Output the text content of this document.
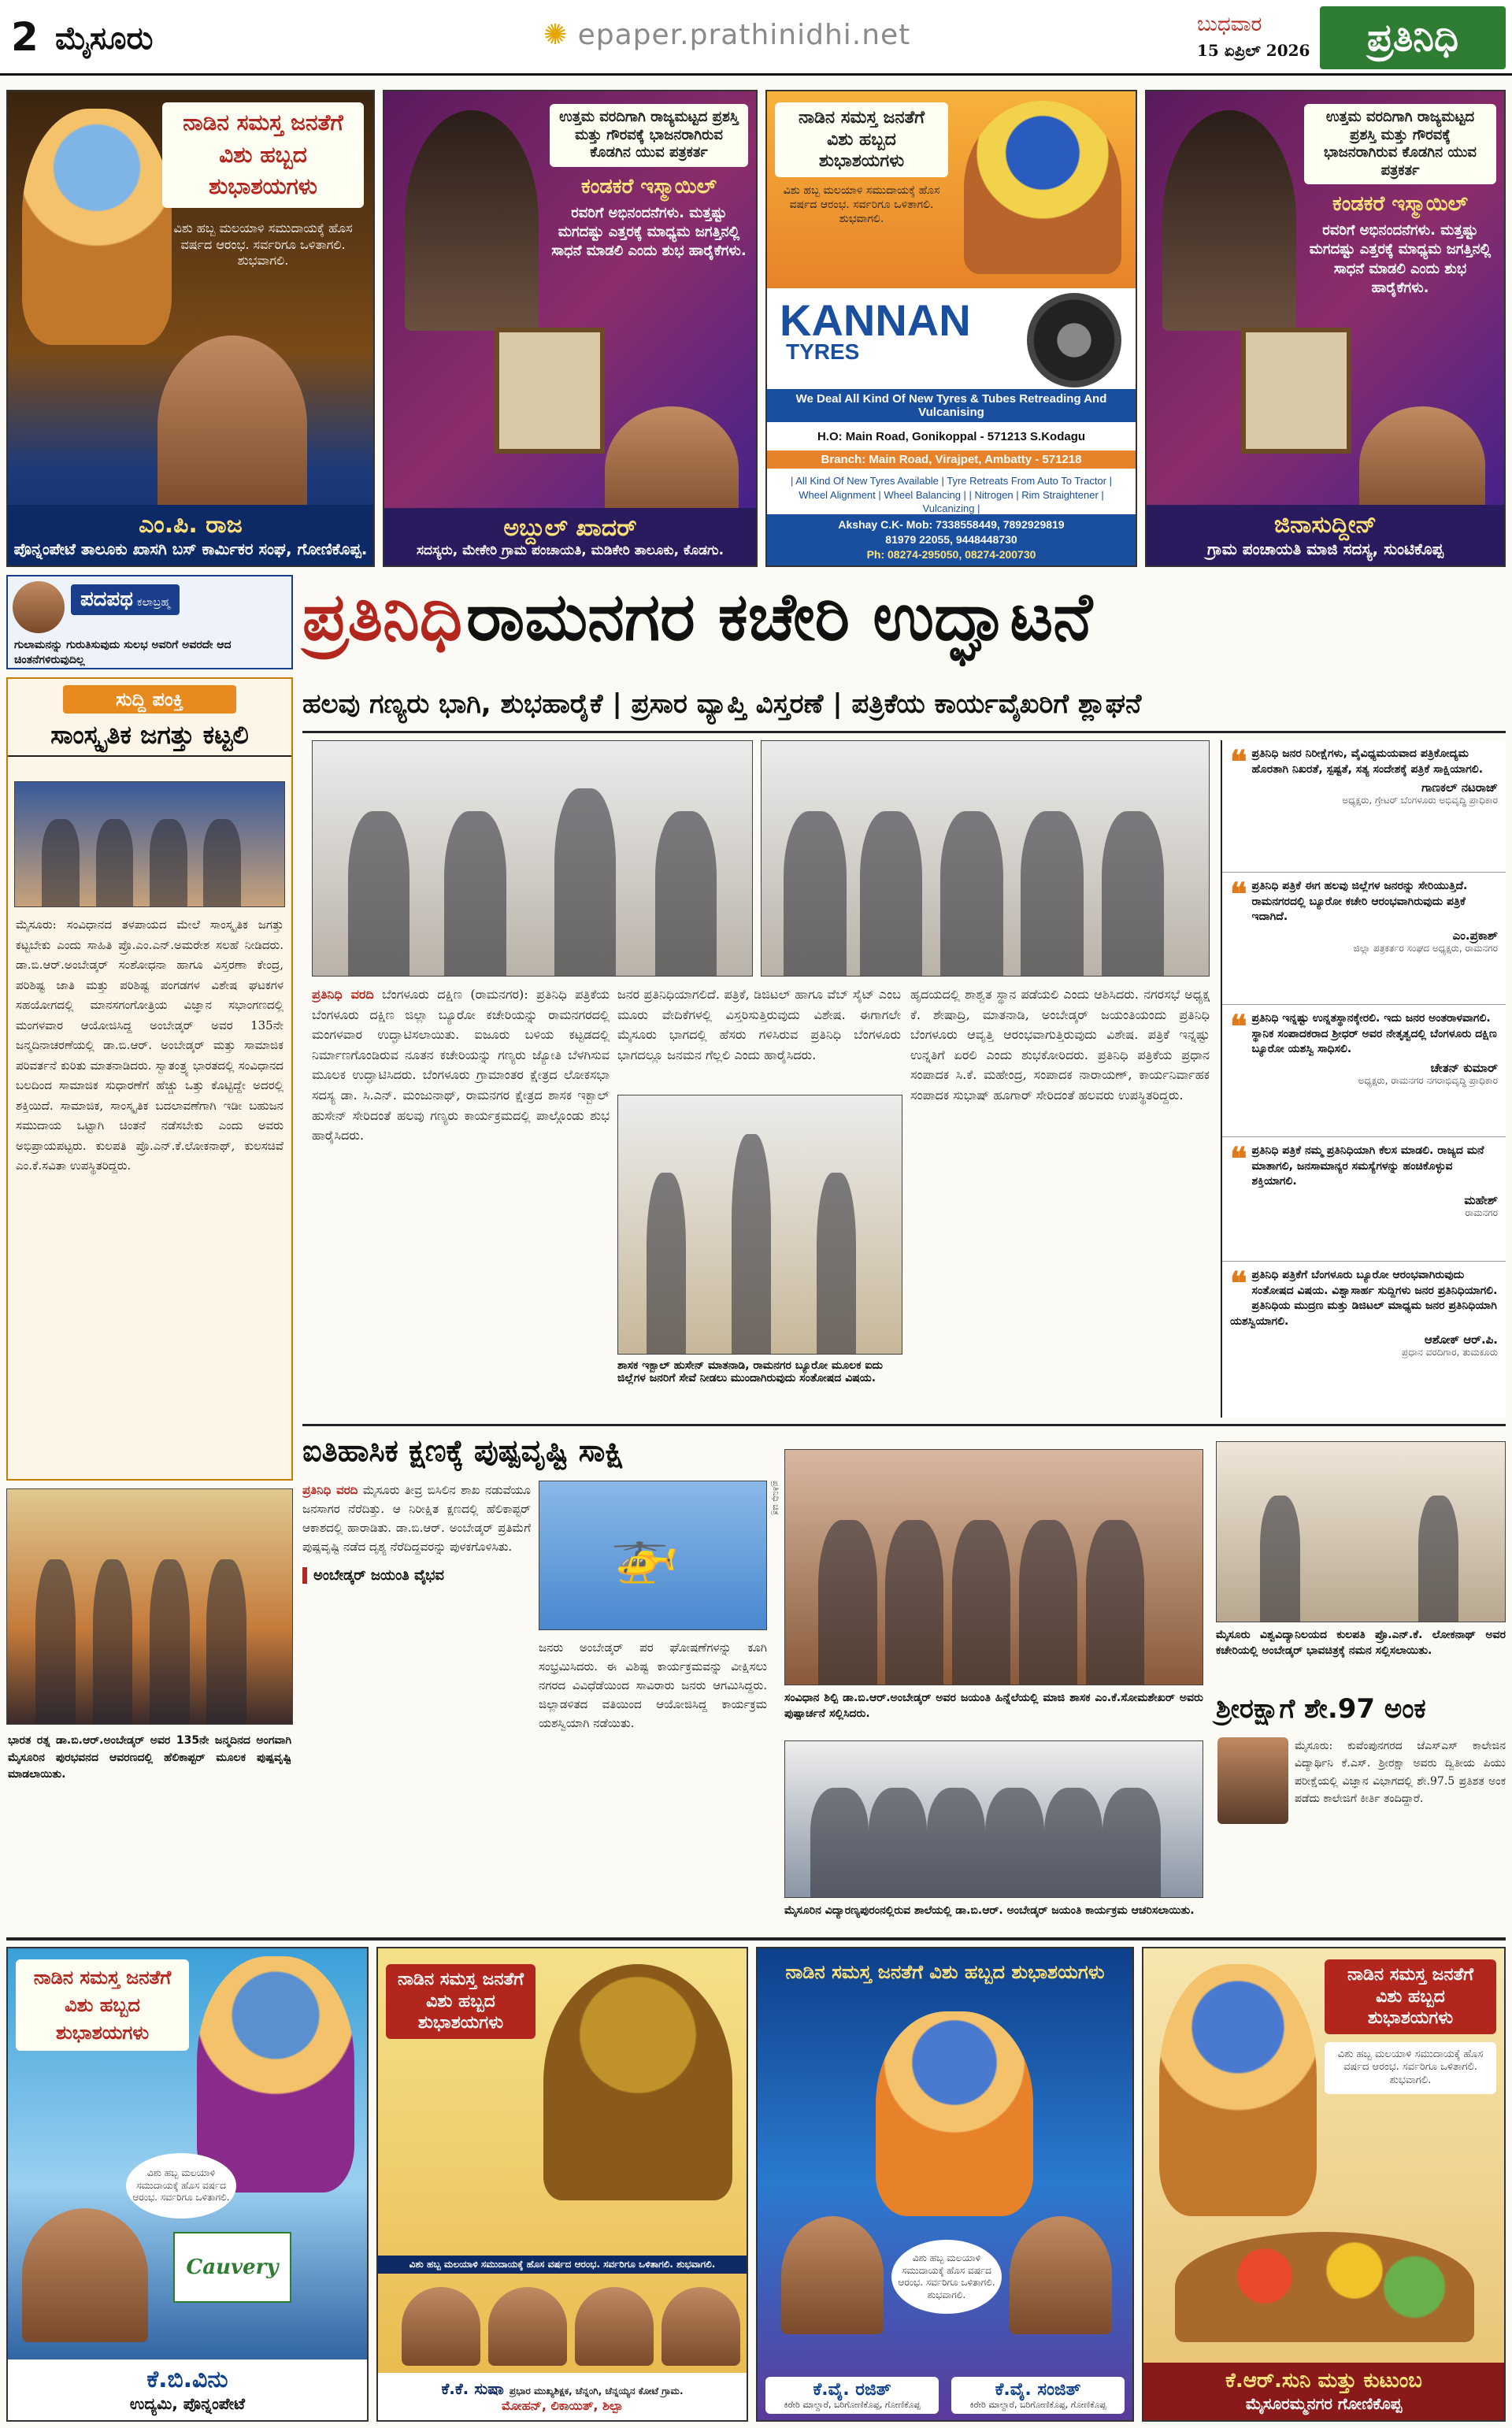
2 ಮೈಸೂರು	✺ epaper.prathinidhi.net	ಬುಧವಾರ
15 ಏಪ್ರಿಲ್ 2026	ಪ್ರತಿನಿಧಿ
ನಾಡಿನ ಸಮಸ್ತ ಜನತೆಗೆ ವಿಶು ಹಬ್ಬದ ಶುಭಾಶಯಗಳು
ವಿಶು ಹಬ್ಬ ಮಲಯಾಳಿ ಸಮುದಾಯಕ್ಕೆ ಹೊಸ ವರ್ಷದ ಆರಂಭ. ಸರ್ವರಿಗೂ ಒಳಿತಾಗಲಿ. ಶುಭವಾಗಲಿ.
ಎಂ.ಪಿ. ರಾಜ
ಪೊನ್ನಂಪೇಟೆ ತಾಲೂಕು ಖಾಸಗಿ ಬಸ್ ಕಾರ್ಮಿಕರ ಸಂಘ, ಗೋಣಿಕೊಪ್ಪ.
ಉತ್ತಮ ವರದಿಗಾಗಿ ರಾಜ್ಯಮಟ್ಟದ ಪ್ರಶಸ್ತಿ ಮತ್ತು ಗೌರವಕ್ಕೆ ಭಾಜನರಾಗಿರುವ ಕೊಡಗಿನ ಯುವ ಪತ್ರಕರ್ತ
ಕಂಡಕರೆ ಇಸ್ಮಾಯಿಲ್
ರವರಿಗೆ ಅಭಿನಂದನೆಗಳು. ಮತ್ತಷ್ಟು ಮಗದಷ್ಟು ಎತ್ತರಕ್ಕೆ ಮಾಧ್ಯಮ ಜಗತ್ತಿನಲ್ಲಿ ಸಾಧನೆ ಮಾಡಲಿ ಎಂದು ಶುಭ ಹಾರೈಕೆಗಳು.
ಅಬ್ದುಲ್ ಖಾದರ್
ಸದಸ್ಯರು, ಮೇಕೇರಿ ಗ್ರಾಮ ಪಂಚಾಯತಿ, ಮಡಿಕೇರಿ ತಾಲೂಕು, ಕೊಡಗು.
ನಾಡಿನ ಸಮಸ್ತ ಜನತೆಗೆ ವಿಶು ಹಬ್ಬದ ಶುಭಾಶಯಗಳು
ವಿಶು ಹಬ್ಬ ಮಲಯಾಳಿ ಸಮುದಾಯಕ್ಕೆ ಹೊಸ ವರ್ಷದ ಆರಂಭ. ಸರ್ವರಿಗೂ ಒಳಿತಾಗಲಿ. ಶುಭವಾಗಲಿ.
KANNAN
TYRES
We Deal All Kind Of New Tyres & Tubes Retreading And Vulcanising
H.O: Main Road, Gonikoppal - 571213 S.Kodagu
Branch: Main Road, Virajpet, Ambatty - 571218
| All Kind Of New Tyres Available | Tyre Retreats From Auto To Tractor | Wheel Alignment | Wheel Balancing | | Nitrogen | Rim Straightener | Vulcanizing |
Akshay C.K- Mob: 7338558449, 7892929819
81979 22055, 9448448730
Ph: 08274-295050, 08274-200730
ಉತ್ತಮ ವರದಿಗಾಗಿ ರಾಜ್ಯಮಟ್ಟದ ಪ್ರಶಸ್ತಿ ಮತ್ತು ಗೌರವಕ್ಕೆ ಭಾಜನರಾಗಿರುವ ಕೊಡಗಿನ ಯುವ ಪತ್ರಕರ್ತ
ಕಂಡಕರೆ ಇಸ್ಮಾಯಿಲ್
ರವರಿಗೆ ಅಭಿನಂದನೆಗಳು. ಮತ್ತಷ್ಟು ಮಗದಷ್ಟು ಎತ್ತರಕ್ಕೆ ಮಾಧ್ಯಮ ಜಗತ್ತಿನಲ್ಲಿ ಸಾಧನೆ ಮಾಡಲಿ ಎಂದು ಶುಭ ಹಾರೈಕೆಗಳು.
ಜಿನಾಸುದ್ದೀನ್
ಗ್ರಾಮ ಪಂಚಾಯತಿ ಮಾಜಿ ಸದಸ್ಯ, ಸುಂಟಿಕೊಪ್ಪ
ಪದಪಥ ಕಲಾಬ್ರಹ್ಮ
ಗುಲಾಮನನ್ನು ಗುರುತಿಸುವುದು ಸುಲಭ ಅವರಿಗೆ ಅವರದೇ ಆದ ಚಿಂತನೆಗಳಿರುವುದಿಲ್ಲ
ಸುದ್ದಿ ಪಂಕ್ತಿ
ಸಾಂಸ್ಕೃತಿಕ ಜಗತ್ತು ಕಟ್ಟಲಿ
ಮೈಸೂರು: ಸಂವಿಧಾನದ ತಳಪಾಯದ ಮೇಲೆ ಸಾಂಸ್ಕೃತಿಕ ಜಗತ್ತು ಕಟ್ಟಬೇಕು ಎಂದು ಸಾಹಿತಿ ಪ್ರೊ.ಎಂ.ಎನ್.ಅಮರೇಶ ಸಲಹೆ ನೀಡಿದರು. ಡಾ.ಬಿ.ಆರ್.ಅಂಬೇಡ್ಕರ್ ಸಂಶೋಧನಾ ಹಾಗೂ ವಿಸ್ತರಣಾ ಕೇಂದ್ರ, ಪರಿಶಿಷ್ಟ ಜಾತಿ ಮತ್ತು ಪರಿಶಿಷ್ಟ ಪಂಗಡಗಳ ವಿಶೇಷ ಘಟಕಗಳ ಸಹಯೋಗದಲ್ಲಿ ಮಾನಸಗಂಗೋತ್ರಿಯ ವಿಜ್ಞಾನ ಸಭಾಂಗಣದಲ್ಲಿ ಮಂಗಳವಾರ ಆಯೋಜಿಸಿದ್ದ ಅಂಬೇಡ್ಕರ್ ಅವರ 135ನೇ ಜನ್ಮದಿನಾಚರಣೆಯಲ್ಲಿ ಡಾ.ಬಿ.ಆರ್. ಅಂಬೇಡ್ಕರ್ ಮತ್ತು ಸಾಮಾಜಿಕ ಪರಿವರ್ತನೆ ಕುರಿತು ಮಾತನಾಡಿದರು. ಸ್ವಾತಂತ್ರ್ಯ ಭಾರತದಲ್ಲಿ ಸಂವಿಧಾನದ ಬಲದಿಂದ ಸಾಮಾಜಿಕ ಸುಧಾರಣೆಗೆ ಹೆಚ್ಚು ಒತ್ತು ಕೊಟ್ಟಿದ್ದೇ ಅದರಲ್ಲಿ ಶಕ್ತಿಯಿದೆ. ಸಾಮಾಜಿಕ, ಸಾಂಸ್ಕೃತಿಕ ಬದಲಾವಣೆಗಾಗಿ ಇಡೀ ಬಹುಜನ ಸಮುದಾಯ ಒಟ್ಟಾಗಿ ಚಿಂತನೆ ನಡೆಸಬೇಕು ಎಂದು ಅವರು ಅಭಿಪ್ರಾಯಪಟ್ಟರು. ಕುಲಪತಿ ಪ್ರೊ.ಎನ್.ಕೆ.ಲೋಕನಾಥ್, ಕುಲಸಚಿವೆ ಎಂ.ಕೆ.ಸವಿತಾ ಉಪಸ್ಥಿತರಿದ್ದರು.
ಪ್ರತಿನಿಧಿ ರಾಮನಗರ ಕಚೇರಿ ಉದ್ಘಾಟನೆ
ಹಲವು ಗಣ್ಯರು ಭಾಗಿ, ಶುಭಹಾರೈಕೆ | ಪ್ರಸಾರ ವ್ಯಾಪ್ತಿ ವಿಸ್ತರಣೆ | ಪತ್ರಿಕೆಯ ಕಾರ್ಯವೈಖರಿಗೆ ಶ್ಲಾಘನೆ
ಪ್ರತಿನಿಧಿ ವರದಿ ಬೆಂಗಳೂರು ದಕ್ಷಿಣ (ರಾಮನಗರ): ಪ್ರತಿನಿಧಿ ಪತ್ರಿಕೆಯ ಬೆಂಗಳೂರು ದಕ್ಷಿಣ ಜಿಲ್ಲಾ ಬ್ಯೂರೋ ಕಚೇರಿಯನ್ನು ರಾಮನಗರದಲ್ಲಿ ಮಂಗಳವಾರ ಉದ್ಘಾಟಿಸಲಾಯಿತು. ಐಜೂರು ಬಳಿಯ ಕಟ್ಟಡದಲ್ಲಿ ನಿರ್ಮಾಣಗೊಂಡಿರುವ ನೂತನ ಕಚೇರಿಯನ್ನು ಗಣ್ಯರು ಜ್ಯೋತಿ ಬೆಳಗಿಸುವ ಮೂಲಕ ಉದ್ಘಾಟಿಸಿದರು. ಬೆಂಗಳೂರು ಗ್ರಾಮಾಂತರ ಕ್ಷೇತ್ರದ ಲೋಕಸಭಾ ಸದಸ್ಯ ಡಾ. ಸಿ.ಎನ್. ಮಂಜುನಾಥ್, ರಾಮನಗರ ಕ್ಷೇತ್ರದ ಶಾಸಕ ಇಕ್ಬಾಲ್ ಹುಸೇನ್ ಸೇರಿದಂತೆ ಹಲವು ಗಣ್ಯರು ಕಾರ್ಯಕ್ರಮದಲ್ಲಿ ಪಾಲ್ಗೊಂಡು ಶುಭ ಹಾರೈಸಿದರು.
ಜನರ ಪ್ರತಿನಿಧಿಯಾಗಲಿದೆ. ಪತ್ರಿಕೆ, ಡಿಜಿಟಲ್ ಹಾಗೂ ವೆಬ್ ಸೈಟ್ ಎಂಬ ಮೂರು ವೇದಿಕೆಗಳಲ್ಲಿ ವಿಸ್ತರಿಸುತ್ತಿರುವುದು ವಿಶೇಷ. ಈಗಾಗಲೇ ಮೈಸೂರು ಭಾಗದಲ್ಲಿ ಹೆಸರು ಗಳಿಸಿರುವ ಪ್ರತಿನಿಧಿ ಬೆಂಗಳೂರು ಭಾಗದಲ್ಲೂ ಜನಮನ ಗೆಲ್ಲಲಿ ಎಂದು ಹಾರೈಸಿದರು.
ಶಾಸಕ ಇಕ್ಬಾಲ್ ಹುಸೇನ್ ಮಾತನಾಡಿ, ರಾಮನಗರ ಬ್ಯೂರೋ ಮೂಲಕ ಐದು ಜಿಲ್ಲೆಗಳ ಜನರಿಗೆ ಸೇವೆ ನೀಡಲು ಮುಂದಾಗಿರುವುದು ಸಂತೋಷದ ವಿಷಯ.
ಹೃದಯದಲ್ಲಿ ಶಾಶ್ವತ ಸ್ಥಾನ ಪಡೆಯಲಿ ಎಂದು ಆಶಿಸಿದರು. ನಗರಸಭೆ ಅಧ್ಯಕ್ಷ ಕೆ. ಶೇಷಾದ್ರಿ, ಮಾತನಾಡಿ, ಅಂಬೇಡ್ಕರ್ ಜಯಂತಿಯಂದು ಪ್ರತಿನಿಧಿ ಬೆಂಗಳೂರು ಆವೃತ್ತಿ ಆರಂಭವಾಗುತ್ತಿರುವುದು ವಿಶೇಷ. ಪತ್ರಿಕೆ ಇನ್ನಷ್ಟು ಉನ್ನತಿಗೆ ಏರಲಿ ಎಂದು ಶುಭಕೋರಿದರು. ಪ್ರತಿನಿಧಿ ಪತ್ರಿಕೆಯ ಪ್ರಧಾನ ಸಂಪಾದಕ ಸಿ.ಕೆ. ಮಹೇಂದ್ರ, ಸಂಪಾದಕ ನಾರಾಯಣ್, ಕಾರ್ಯನಿರ್ವಾಹಕ ಸಂಪಾದಕ ಸುಭಾಷ್ ಹೂಗಾರ್ ಸೇರಿದಂತೆ ಹಲವರು ಉಪಸ್ಥಿತರಿದ್ದರು.
❝ ಪ್ರತಿನಿಧಿ ಜನರ ನಿರೀಕ್ಷೆಗಳು, ವೈವಿಧ್ಯಮಯವಾದ ಪತ್ರಿಕೋದ್ಯಮ ಹೊರತಾಗಿ ನಿಖರತೆ, ಸ್ಪಷ್ಟತೆ, ಸತ್ಯ ಸಂದೇಶಕ್ಕೆ ಪತ್ರಿಕೆ ಸಾಕ್ಷಿಯಾಗಲಿ.
ಗಾಣಕಲ್ ನಟರಾಜ್
ಅಧ್ಯಕ್ಷರು, ಗ್ರೇಟರ್ ಬೆಂಗಳೂರು ಅಭಿವೃದ್ಧಿ ಪ್ರಾಧಿಕಾರ
❝ ಪ್ರತಿನಿಧಿ ಪತ್ರಿಕೆ ಈಗ ಹಲವು ಜಿಲ್ಲೆಗಳ ಜನರನ್ನು ಸೇರಿಯುತ್ತಿದೆ. ರಾಮನಗರದಲ್ಲಿ ಬ್ಯೂರೋ ಕಚೇರಿ ಆರಂಭವಾಗಿರುವುದು ಪತ್ರಿಕೆ ಇದಾಗಿದೆ.
ಎಂ.ಪ್ರಕಾಶ್
ಜಿಲ್ಲಾ ಪತ್ರಕರ್ತರ ಸಂಘದ ಅಧ್ಯಕ್ಷರು, ರಾಮನಗರ
❝ ಪ್ರತಿನಿಧಿ ಇನ್ನಷ್ಟು ಉನ್ನತಸ್ಥಾನಕ್ಕೇರಲಿ. ಇದು ಜನರ ಅಂತರಾಳವಾಗಲಿ. ಸ್ಥಾನಿಕ ಸಂಪಾದಕರಾದ ಶ್ರೀಧರ್ ಅವರ ನೇತೃತ್ವದಲ್ಲಿ ಬೆಂಗಳೂರು ದಕ್ಷಿಣ ಬ್ಯೂರೋ ಯಶಸ್ವಿ ಸಾಧಿಸಲಿ.
ಚೇತನ್ ಕುಮಾರ್
ಅಧ್ಯಕ್ಷರು, ರಾಮನಗರ ನಗರಾಭಿವೃದ್ಧಿ ಪ್ರಾಧಿಕಾರ
❝ ಪ್ರತಿನಿಧಿ ಪತ್ರಿಕೆ ನಮ್ಮ ಪ್ರತಿನಿಧಿಯಾಗಿ ಕೆಲಸ ಮಾಡಲಿ. ರಾಜ್ಯದ ಮನೆ ಮಾತಾಗಲಿ, ಜನಸಾಮಾನ್ಯರ ಸಮಸ್ಯೆಗಳನ್ನು ಹಂಚಿಕೊಳ್ಳುವ ಶಕ್ತಿಯಾಗಲಿ.
ಮಹೇಶ್
ರಾಮನಗರ
❝ ಪ್ರತಿನಿಧಿ ಪತ್ರಿಕೆಗೆ ಬೆಂಗಳೂರು ಬ್ಯೂರೋ ಆರಂಭವಾಗಿರುವುದು ಸಂತೋಷದ ವಿಷಯ. ವಿಶ್ವಾಸಾರ್ಹ ಸುದ್ದಿಗಳು ಜನರ ಪ್ರತಿನಿಧಿಯಾಗಲಿ. ಪ್ರತಿನಿಧಿಯ ಮುದ್ರಣ ಮತ್ತು ಡಿಜಿಟಲ್ ಮಾಧ್ಯಮ ಜನರ ಪ್ರತಿನಿಧಿಯಾಗಿ ಯಶಸ್ವಿಯಾಗಲಿ.
ಆಶೋಕ್ ಆರ್.ಪಿ.
ಪ್ರಧಾನ ವರದಿಗಾರ, ತುಮಕೂರು
ಐತಿಹಾಸಿಕ ಕ್ಷಣಕ್ಕೆ ಪುಷ್ಪವೃಷ್ಟಿ ಸಾಕ್ಷಿ
ಭಾರತ ರತ್ನ ಡಾ.ಬಿ.ಆರ್.ಅಂಬೇಡ್ಕರ್ ಅವರ 135ನೇ ಜನ್ಮದಿನದ ಅಂಗವಾಗಿ ಮೈಸೂರಿನ ಪುರಭವನದ ಆವರಣದಲ್ಲಿ ಹೆಲಿಕಾಪ್ಟರ್ ಮೂಲಕ ಪುಷ್ಪವೃಷ್ಟಿ ಮಾಡಲಾಯಿತು.
ಪ್ರತಿನಿಧಿ ವರದಿ ಮೈಸೂರು ತೀವ್ರ ಬಿಸಿಲಿನ ಶಾಖ ನಡುವೆಯೂ ಜನಸಾಗರ ನೆರೆದಿತ್ತು. ಆ ನಿರೀಕ್ಷಿತ ಕ್ಷಣದಲ್ಲಿ ಹೆಲಿಕಾಪ್ಟರ್ ಆಕಾಶದಲ್ಲಿ ಹಾರಾಡಿತು. ಡಾ.ಬಿ.ಆರ್. ಅಂಬೇಡ್ಕರ್ ಪ್ರತಿಮೆಗೆ ಪುಷ್ಪವೃಷ್ಟಿ ನಡೆದ ದೃಶ್ಯ ನೆರೆದಿದ್ದವರನ್ನು ಪುಳಕಗೊಳಿಸಿತು.
ಅಂಬೇಡ್ಕರ್ ಜಯಂತಿ ವೈಭವ	🚁
ಪ್ರತಿನಿಧಿ ಚಿತ್ರ
ಜನರು ಅಂಬೇಡ್ಕರ್ ಪರ ಘೋಷಣೆಗಳನ್ನು ಕೂಗಿ ಸಂಭ್ರಮಿಸಿದರು. ಈ ವಿಶಿಷ್ಟ ಕಾರ್ಯಕ್ರಮವನ್ನು ವೀಕ್ಷಿಸಲು ನಗರದ ವಿವಿಧೆಡೆಯಿಂದ ಸಾವಿರಾರು ಜನರು ಆಗಮಿಸಿದ್ದರು. ಜಿಲ್ಲಾಡಳಿತದ ವತಿಯಿಂದ ಆಯೋಜಿಸಿದ್ದ ಕಾರ್ಯಕ್ರಮ ಯಶಸ್ವಿಯಾಗಿ ನಡೆಯಿತು.
ಸಂವಿಧಾನ ಶಿಲ್ಪಿ ಡಾ.ಬಿ.ಆರ್.ಅಂಬೇಡ್ಕರ್ ಅವರ ಜಯಂತಿ ಹಿನ್ನೆಲೆಯಲ್ಲಿ ಮಾಜಿ ಶಾಸಕ ಎಂ.ಕೆ.ಸೋಮಶೇಖರ್ ಅವರು ಪುಷ್ಪಾರ್ಚನೆ ಸಲ್ಲಿಸಿದರು.
ಮೈಸೂರಿನ ವಿದ್ಯಾರಣ್ಯಪುರಂನಲ್ಲಿರುವ ಶಾಲೆಯಲ್ಲಿ ಡಾ.ಬಿ.ಆರ್. ಅಂಬೇಡ್ಕರ್ ಜಯಂತಿ ಕಾರ್ಯಕ್ರಮ ಆಚರಿಸಲಾಯಿತು.
ಮೈಸೂರು ವಿಶ್ವವಿದ್ಯಾನಿಲಯದ ಕುಲಪತಿ ಪ್ರೊ.ಎನ್.ಕೆ. ಲೋಕನಾಥ್ ಅವರ ಕಚೇರಿಯಲ್ಲಿ ಅಂಬೇಡ್ಕರ್ ಭಾವಚಿತ್ರಕ್ಕೆ ನಮನ ಸಲ್ಲಿಸಲಾಯಿತು.
ಶ್ರೀರಕ್ಷಾಗೆ ಶೇ.97 ಅಂಕ
ಮೈಸೂರು: ಕುವೆಂಪುನಗರದ ಜೆಎಸ್ಎಸ್ ಕಾಲೇಜಿನ ವಿದ್ಯಾರ್ಥಿನಿ ಕೆ.ಎಸ್. ಶ್ರೀರಕ್ಷಾ ಅವರು ದ್ವಿತೀಯ ಪಿಯು ಪರೀಕ್ಷೆಯಲ್ಲಿ ವಿಜ್ಞಾನ ವಿಭಾಗದಲ್ಲಿ ಶೇ.97.5 ಪ್ರತಿಶತ ಅಂಕ ಪಡೆದು ಕಾಲೇಜಿಗೆ ಕೀರ್ತಿ ತಂದಿದ್ದಾರೆ.
ನಾಡಿನ ಸಮಸ್ತ ಜನತೆಗೆ ವಿಶು ಹಬ್ಬದ ಶುಭಾಶಯಗಳು
ವಿಶು ಹಬ್ಬ ಮಲಯಾಳಿ ಸಮುದಾಯಕ್ಕೆ ಹೊಸ ವರ್ಷದ ಆರಂಭ. ಸರ್ವರಿಗೂ ಒಳಿತಾಗಲಿ.
Cauvery
ಕೆ.ಬಿ.ವಿನು
ಉದ್ಯಮಿ, ಪೊನ್ನಂಪೇಟೆ
ನಾಡಿನ ಸಮಸ್ತ ಜನತೆಗೆ ವಿಶು ಹಬ್ಬದ ಶುಭಾಶಯಗಳು
ವಿಶು ಹಬ್ಬ ಮಲಯಾಳಿ ಸಮುದಾಯಕ್ಕೆ ಹೊಸ ವರ್ಷದ ಆರಂಭ. ಸರ್ವರಿಗೂ ಒಳಿತಾಗಲಿ. ಶುಭವಾಗಲಿ.
ಕೆ.ಕೆ. ಸುಷಾ ಪ್ರಭಾರ ಮುಖ್ಯಶಿಕ್ಷಕ, ಚೆನ್ನಂಗಿ, ಚೆನ್ನಯ್ಯನ ಕೋಟೆ ಗ್ರಾಮ.
ಮೋಹನ್, ಲಿಕಾಯಿತ್, ಶಿಲ್ಪಾ
ನಾಡಿನ ಸಮಸ್ತ ಜನತೆಗೆ ವಿಶು ಹಬ್ಬದ ಶುಭಾಶಯಗಳು
ವಿಶು ಹಬ್ಬ ಮಲಯಾಳಿ ಸಮುದಾಯಕ್ಕೆ ಹೊಸ ವರ್ಷದ ಆರಂಭ. ಸರ್ವರಿಗೂ ಒಳಿತಾಗಲಿ. ಶುಭವಾಗಲಿ.
ಕೆ.ವೈ. ರಜಿತ್
ಕಿರೇರಿ ಮಾಲ್ದಾರೆ, ಬರಿಗೋಣಿಕೊಪ್ಪ, ಗೋಣಿಕೊಪ್ಪ
ಕೆ.ವೈ. ಸಂಜಿತ್
ಕಿರೇರಿ ಮಾಲ್ದಾರೆ, ಬರಿಗೋಣಿಕೊಪ್ಪ, ಗೋಣಿಕೊಪ್ಪ
ನಾಡಿನ ಸಮಸ್ತ ಜನತೆಗೆ ವಿಶು ಹಬ್ಬದ ಶುಭಾಶಯಗಳು
ವಿಶು ಹಬ್ಬ ಮಲಯಾಳಿ ಸಮುದಾಯಕ್ಕೆ ಹೊಸ ವರ್ಷದ ಆರಂಭ. ಸರ್ವರಿಗೂ ಒಳಿತಾಗಲಿ. ಶುಭವಾಗಲಿ.
ಕೆ.ಆರ್.ಸುನಿ ಮತ್ತು ಕುಟುಂಬ
ಮೈಸೂರಮ್ಮನಗರ ಗೋಣಿಕೊಪ್ಪ
